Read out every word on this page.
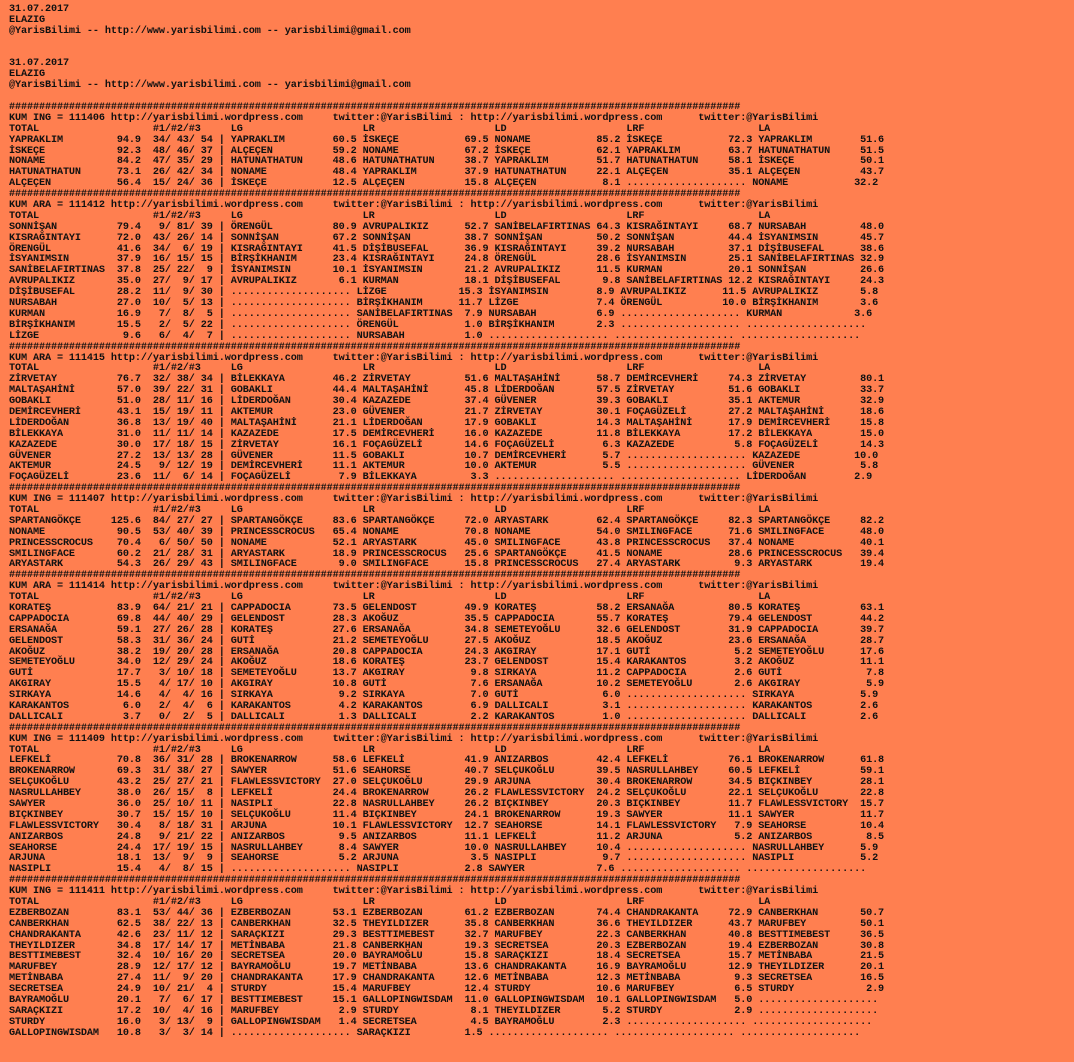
31.07.2017
ELAZIG
@YarisBilimi -- http://www.yarisbilimi.com -- yarisbilimi@gmail.com

31.07.2017
ELAZIG
@YarisBilimi -- http://www.yarisbilimi.com -- yarisbilimi@gmail.com

##########################################################################################################################
KUM ING = 111406 http://yarisbilimi.wordpress.com     twitter:@YarisBilimi : http://yarisbilimi.wordpress.com      twitter:@YarisBilimi
TOTAL                   #1/#2/#3     LG                    LR                    LD                    LRF                   LA
YAPRAKLIM         94.9  34/ 43/ 54 | YAPRAKLIM        60.5 İSKEÇE           69.5 NONAME           85.2 İSKEÇE           72.3 YAPRAKLIM        51.6
İSKEÇE            92.3  48/ 46/ 37 | ALÇEÇEN          59.2 NONAME           67.2 İSKEÇE           62.1 YAPRAKLIM        63.7 HATUNATHATUN     51.5
NONAME            84.2  47/ 35/ 29 | HATUNATHATUN     48.6 HATUNATHATUN     38.7 YAPRAKLIM        51.7 HATUNATHATUN     58.1 İSKEÇE           50.1
HATUNATHATUN      73.1  26/ 42/ 34 | NONAME           48.4 YAPRAKLIM        37.9 HATUNATHATUN     22.1 ALÇEÇEN          35.1 ALÇEÇEN          43.7
ALÇEÇEN           56.4  15/ 24/ 36 | İSKEÇE           12.5 ALÇEÇEN          15.8 ALÇEÇEN           8.1 .................... NONAME           32.2
##########################################################################################################################
KUM ARA = 111412 http://yarisbilimi.wordpress.com     twitter:@YarisBilimi : http://yarisbilimi.wordpress.com      twitter:@YarisBilimi
TOTAL                   #1/#2/#3     LG                    LR                    LD                    LRF                   LA
SONNİŞAN          79.4   9/ 81/ 39 | ÖRENGÜL          80.9 AVRUPALIKIZ      52.7 SANİBELAFIRTINAS 64.3 KISRAĞINTAYI     68.7 NURSABAH         48.0
KISRAĞINTAYI      72.0  43/ 26/ 14 | SONNİŞAN         67.2 SONNİŞAN         38.7 SONNİŞAN         50.2 SONNİŞAN         44.4 İSYANIMSIN       45.7
ÖRENGÜL           41.6  34/  6/ 19 | KISRAĞINTAYI     41.5 DİŞİBUSEFAL      36.9 KISRAĞINTAYI     39.2 NURSABAH         37.1 DİŞİBUSEFAL      38.6
İSYANIMSIN        37.9  16/ 15/ 15 | BİRŞİKHANIM      23.4 KISRAĞINTAYI     24.8 ÖRENGÜL          28.6 İSYANIMSIN       25.1 SANİBELAFIRTINAS 32.9
SANİBELAFIRTINAS  37.8  25/ 22/  9 | İSYANIMSIN       10.1 İSYANIMSIN       21.2 AVRUPALIKIZ      11.5 KURMAN           20.1 SONNİŞAN         26.6
AVRUPALIKIZ       35.0  27/  9/ 17 | AVRUPALIKIZ       6.1 KURMAN           18.1 DİŞİBUSEFAL       9.8 SANİBELAFIRTINAS 12.2 KISRAĞINTAYI     24.3
DİŞİBUSEFAL       28.2  11/  9/ 30 | .................... LİZGE            15.3 İSYANIMSIN        8.9 AVRUPALIKIZ      11.5 AVRUPALIKIZ       5.8
NURSABAH          27.0  10/  5/ 13 | .................... BİRŞİKHANIM      11.7 LİZGE             7.4 ÖRENGÜL          10.0 BİRŞİKHANIM       3.6
KURMAN            16.9   7/  8/  5 | .................... SANİBELAFIRTINAS  7.9 NURSABAH          6.9 .................... KURMAN            3.6
BİRŞİKHANIM       15.5   2/  5/ 22 | .................... ÖRENGÜL           1.0 BİRŞİKHANIM       2.3 .................... ....................
LİZGE              9.6   6/  4/  7 | .................... NURSABAH          1.0 .................... .................... ....................
##########################################################################################################################
KUM ARA = 111415 http://yarisbilimi.wordpress.com     twitter:@YarisBilimi : http://yarisbilimi.wordpress.com      twitter:@YarisBilimi
TOTAL                   #1/#2/#3     LG                    LR                    LD                    LRF                   LA
ZİRVETAY          76.7  32/ 38/ 34 | BİLEKKAYA        46.2 ZİRVETAY         51.6 MALTAŞAHİNİ      58.7 DEMİRCEVHERİ     74.3 ZİRVETAY         80.1
MALTAŞAHİNİ       57.0  39/ 22/ 31 | GOBAKLI          44.4 MALTAŞAHİNİ      45.8 LİDERDOĞAN       57.5 ZİRVETAY         51.6 GOBAKLI          33.7
GOBAKLI           51.0  28/ 11/ 16 | LİDERDOĞAN       30.4 KAZAZEDE         37.4 GÜVENER          39.3 GOBAKLI          35.1 AKTEMUR          32.9
DEMİRCEVHERİ      43.1  15/ 19/ 11 | AKTEMUR          23.0 GÜVENER          21.7 ZİRVETAY         30.1 FOÇAGÜZELİ       27.2 MALTAŞAHİNİ      18.6
LİDERDOĞAN        36.8  13/ 19/ 40 | MALTAŞAHİNİ      21.1 LİDERDOĞAN       17.9 GOBAKLI          14.3 MALTAŞAHİNİ      17.9 DEMİRCEVHERİ     15.8
BİLEKKAYA         31.0  11/ 11/ 14 | KAZAZEDE         17.5 DEMİRCEVHERİ     16.0 KAZAZEDE         11.8 BİLEKKAYA        17.2 BİLEKKAYA        15.0
KAZAZEDE          30.0  17/ 18/ 15 | ZİRVETAY         16.1 FOÇAGÜZELİ       14.6 FOÇAGÜZELİ        6.3 KAZAZEDE          5.8 FOÇAGÜZELİ       14.3
GÜVENER           27.2  13/ 13/ 28 | GÜVENER          11.5 GOBAKLI          10.7 DEMİRCEVHERİ      5.7 .................... KAZAZEDE         10.0
AKTEMUR           24.5   9/ 12/ 19 | DEMİRCEVHERİ     11.1 AKTEMUR          10.0 AKTEMUR           5.5 .................... GÜVENER           5.8
FOÇAGÜZELİ        23.6  11/  6/ 14 | FOÇAGÜZELİ        7.9 BİLEKKAYA         3.3 .................... .................... LİDERDOĞAN        2.9
##########################################################################################################################
KUM ING = 111407 http://yarisbilimi.wordpress.com     twitter:@YarisBilimi : http://yarisbilimi.wordpress.com      twitter:@YarisBilimi
TOTAL                   #1/#2/#3     LG                    LR                    LD                    LRF                   LA
SPARTANGÖKÇE     125.6  84/ 27/ 27 | SPARTANGÖKÇE     83.6 SPARTANGÖKÇE     72.0 ARYASTARK        62.4 SPARTANGÖKÇE     82.3 SPARTANGÖKÇE     82.2
NONAME            90.5  53/ 40/ 39 | PRINCESSCROCUS   65.4 NONAME           70.8 NONAME           54.0 SMILINGFACE      71.6 SMILINGFACE      48.0
PRINCESSCROCUS    70.4   6/ 50/ 50 | NONAME           52.1 ARYASTARK        45.0 SMILINGFACE      43.8 PRINCESSCROCUS   37.4 NONAME           40.1
SMILINGFACE       60.2  21/ 28/ 31 | ARYASTARK        18.9 PRINCESSCROCUS   25.6 SPARTANGÖKÇE     41.5 NONAME           28.6 PRINCESSCROCUS   39.4
ARYASTARK         54.3  26/ 29/ 43 | SMILINGFACE       9.0 SMILINGFACE      15.8 PRINCESSCROCUS   27.4 ARYASTARK         9.3 ARYASTARK        19.4
##########################################################################################################################
KUM ARA = 111414 http://yarisbilimi.wordpress.com     twitter:@YarisBilimi : http://yarisbilimi.wordpress.com      twitter:@YarisBilimi
TOTAL                   #1/#2/#3     LG                    LR                    LD                    LRF                   LA
KORATEŞ           83.9  64/ 21/ 21 | CAPPADOCIA       73.5 GELENDOST        49.9 KORATEŞ          58.2 ERSANAĞA         80.5 KORATEŞ          63.1
CAPPADOCIA        69.8  44/ 40/ 29 | GELENDOST        28.3 AKOĞUZ           35.5 CAPPADOCIA       55.7 KORATEŞ          79.4 GELENDOST        44.2
ERSANAĞA          59.1  27/ 26/ 28 | KORATEŞ          27.6 ERSANAĞA         34.8 SEMETEYOĞLU      32.6 GELENDOST        31.9 CAPPADOCIA       39.7
GELENDOST         58.3  31/ 36/ 24 | GUTİ             21.2 SEMETEYOĞLU      27.5 AKOĞUZ           18.5 AKOĞUZ           23.6 ERSANAĞA         28.7
AKOĞUZ            38.2  19/ 20/ 28 | ERSANAĞA         20.8 CAPPADOCIA       24.3 AKGIRAY          17.1 GUTİ              5.2 SEMETEYOĞLU      17.6
SEMETEYOĞLU       34.0  12/ 29/ 24 | AKOĞUZ           18.6 KORATEŞ          23.7 GELENDOST        15.4 KARAKANTOS        3.2 AKOĞUZ           11.1
GUTİ              17.7   3/ 10/ 18 | SEMETEYOĞLU      13.7 AKGIRAY           9.8 SIRKAYA          11.2 CAPPADOCIA        2.6 GUTİ              7.8
AKGIRAY           15.5   4/ 17/ 10 | AKGIRAY          10.8 GUTİ              7.6 ERSANAĞA         10.2 SEMETEYOĞLU       2.6 AKGIRAY           5.9
SIRKAYA           14.6   4/  4/ 16 | SIRKAYA           9.2 SIRKAYA           7.0 GUTİ              6.0 .................... SIRKAYA           5.9
KARAKANTOS         6.0   2/  4/  6 | KARAKANTOS        4.2 KARAKANTOS        6.9 DALLICALI         3.1 .................... KARAKANTOS        2.6
DALLICALI          3.7   0/  2/  5 | DALLICALI         1.3 DALLICALI         2.2 KARAKANTOS        1.0 .................... DALLICALI         2.6
##########################################################################################################################
KUM ING = 111409 http://yarisbilimi.wordpress.com     twitter:@YarisBilimi : http://yarisbilimi.wordpress.com      twitter:@YarisBilimi
TOTAL                   #1/#2/#3     LG                    LR                    LD                    LRF                   LA
LEFKELİ           70.8  36/ 31/ 28 | BROKENARROW      58.6 LEFKELİ          41.9 ANIZARBOS        42.4 LEFKELİ          76.1 BROKENARROW      61.8
BROKENARROW       69.3  31/ 38/ 27 | SAWYER           51.6 SEAHORSE         40.7 SELÇUKOĞLU       39.5 NASRULLAHBEY     60.5 LEFKELİ          59.1
SELÇUKOĞLU        43.2  25/ 27/ 21 | FLAWLESSVICTORY  27.0 SELÇUKOĞLU       29.9 ARJUNA           30.4 BROKENARROW      34.5 BIÇKINBEY        28.1
NASRULLAHBEY      38.0  26/ 15/  8 | LEFKELİ          24.4 BROKENARROW      26.2 FLAWLESSVICTORY  24.2 SELÇUKOĞLU       22.1 SELÇUKOĞLU       22.8
SAWYER            36.0  25/ 10/ 11 | NASIPLI          22.8 NASRULLAHBEY     26.2 BIÇKINBEY        20.3 BIÇKINBEY        11.7 FLAWLESSVICTORY  15.7
BIÇKINBEY         30.7  15/ 15/ 10 | SELÇUKOĞLU       11.4 BIÇKINBEY        24.1 BROKENARROW      19.3 SAWYER           11.1 SAWYER           11.7
FLAWLESSVICTORY   30.4   8/ 18/ 31 | ARJUNA           10.1 FLAWLESSVICTORY  12.7 SEAHORSE         14.1 FLAWLESSVICTORY   7.9 SEAHORSE         10.4
ANIZARBOS         24.8   9/ 21/ 22 | ANIZARBOS         9.5 ANIZARBOS        11.1 LEFKELİ          11.2 ARJUNA            5.2 ANIZARBOS         8.5
SEAHORSE          24.4  17/ 19/ 15 | NASRULLAHBEY      8.4 SAWYER           10.0 NASRULLAHBEY     10.4 .................... NASRULLAHBEY      5.9
ARJUNA            18.1  13/  9/  9 | SEAHORSE          5.2 ARJUNA            3.5 NASIPLI           9.7 .................... NASIPLI           5.2
NASIPLI           15.4   4/  8/ 15 | .................... NASIPLI           2.8 SAWYER            7.6 .................... ....................
##########################################################################################################################
KUM ING = 111411 http://yarisbilimi.wordpress.com     twitter:@YarisBilimi : http://yarisbilimi.wordpress.com      twitter:@YarisBilimi
TOTAL                   #1/#2/#3     LG                    LR                    LD                    LRF                   LA
EZBERBOZAN        83.1  53/ 44/ 36 | EZBERBOZAN       53.1 EZBERBOZAN       61.2 EZBERBOZAN       74.4 CHANDRAKANTA     72.9 CANBERKHAN       50.7
CANBERKHAN        62.5  38/ 22/ 13 | CANBERKHAN       32.5 THEYILDIZER      35.8 CANBERKHAN       36.6 THEYILDIZER      43.7 MARUFBEY         50.1
CHANDRAKANTA      42.6  23/ 11/ 12 | SARAÇKIZI        29.3 BESTTIMEBEST     32.7 MARUFBEY         22.3 CANBERKHAN       40.8 BESTTIMEBEST     36.5
THEYILDIZER       34.8  17/ 14/ 17 | METİNBABA        21.8 CANBERKHAN       19.3 SECRETSEA        20.3 EZBERBOZAN       19.4 EZBERBOZAN       30.8
BESTTIMEBEST      32.4  10/ 16/ 20 | SECRETSEA        20.0 BAYRAMOĞLU       15.8 SARAÇKIZI        18.4 SECRETSEA        15.7 METİNBABA        21.5
MARUFBEY          28.9  12/ 17/ 12 | BAYRAMOĞLU       19.7 METİNBABA        13.6 CHANDRAKANTA     16.9 BAYRAMOĞLU       12.9 THEYILDIZER      20.1
METİNBABA         27.4  11/  9/ 20 | CHANDRAKANTA     17.9 CHANDRAKANTA     12.6 METİNBABA        12.3 METİNBABA         9.3 SECRETSEA        16.5
SECRETSEA         24.9  10/ 21/  4 | STURDY           15.4 MARUFBEY         12.4 STURDY           10.6 MARUFBEY          6.5 STURDY            2.9
BAYRAMOĞLU        20.1   7/  6/ 17 | BESTTIMEBEST     15.1 GALLOPINGWISDAM  11.0 GALLOPINGWISDAM  10.1 GALLOPINGWISDAM   5.0 ....................
SARAÇKIZI         17.2  10/  4/ 16 | MARUFBEY          2.9 STURDY            8.1 THEYILDIZER       5.2 STURDY            2.9 ....................
STURDY            16.0   3/ 13/  9 | GALLOPINGWISDAM   1.4 SECRETSEA         4.5 BAYRAMOĞLU        2.3 .................... ....................
GALLOPINGWISDAM   10.8   3/  3/ 14 | .................... SARAÇKIZI         1.5 .................... .................... ....................
